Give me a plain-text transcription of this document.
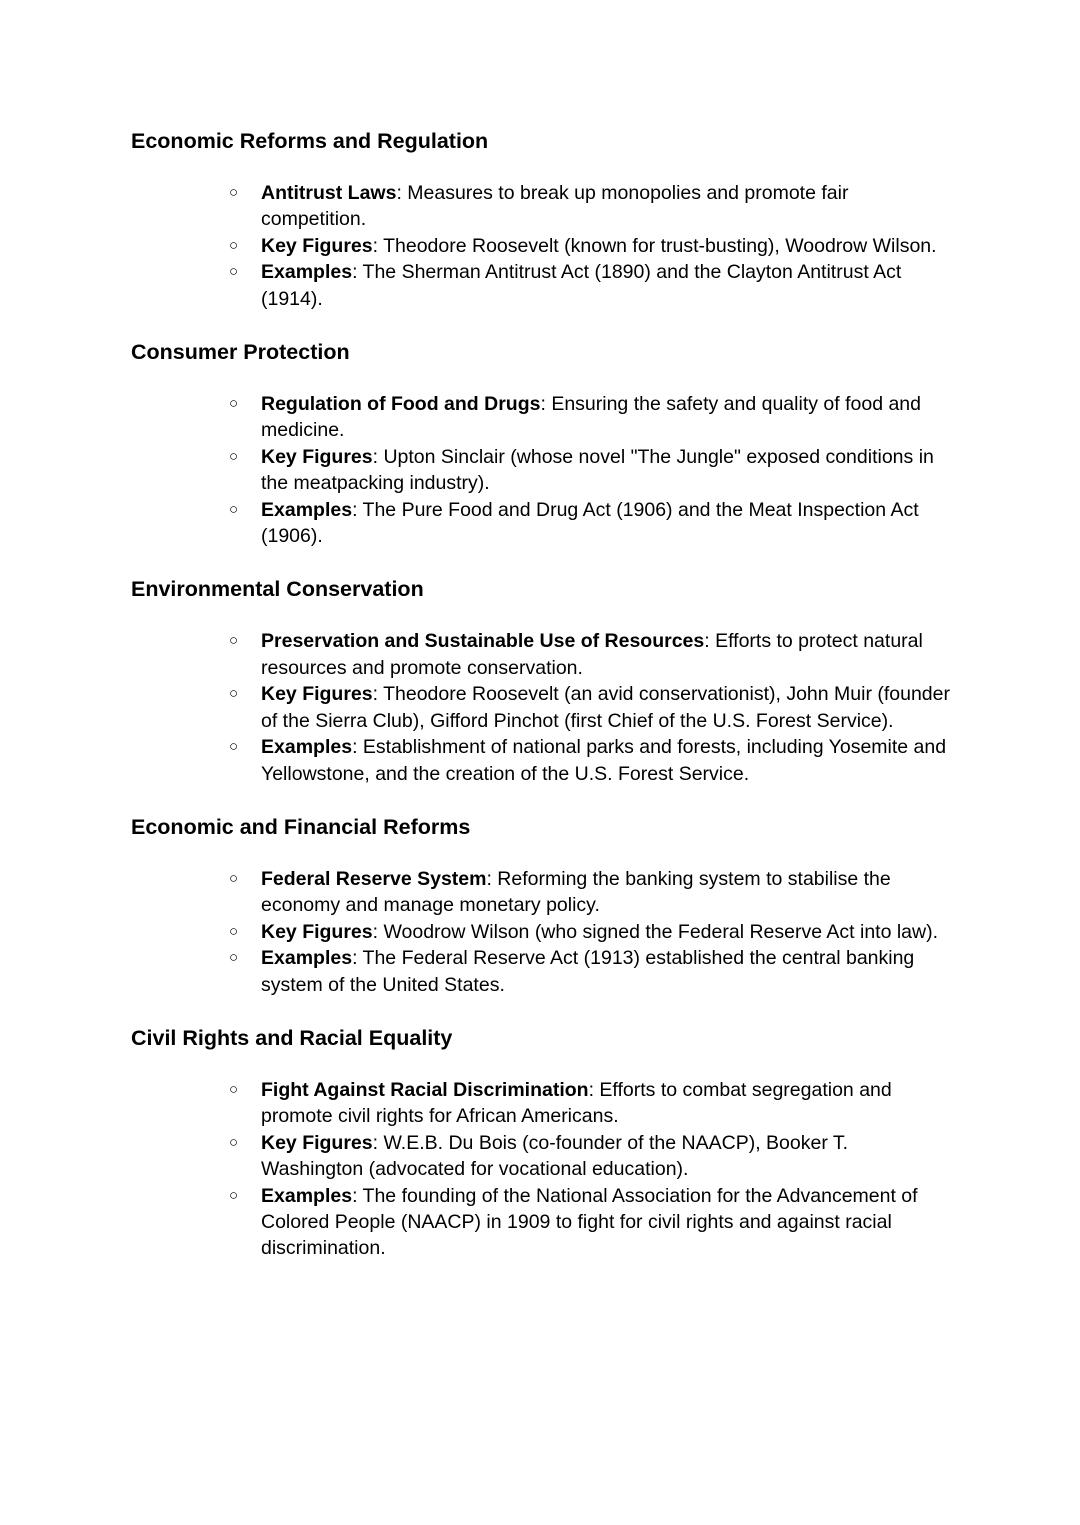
Economic Reforms and Regulation
○ Antitrust Laws: Measures to break up monopolies and promote fair competition.
○ Key Figures: Theodore Roosevelt (known for trust-busting), Woodrow Wilson.
○ Examples: The Sherman Antitrust Act (1890) and the Clayton Antitrust Act (1914).
Consumer Protection
○ Regulation of Food and Drugs: Ensuring the safety and quality of food and medicine.
○ Key Figures: Upton Sinclair (whose novel "The Jungle" exposed conditions in the meatpacking industry).
○ Examples: The Pure Food and Drug Act (1906) and the Meat Inspection Act (1906).
Environmental Conservation
○ Preservation and Sustainable Use of Resources: Efforts to protect natural resources and promote conservation.
○ Key Figures: Theodore Roosevelt (an avid conservationist), John Muir (founder of the Sierra Club), Gifford Pinchot (first Chief of the U.S. Forest Service).
○ Examples: Establishment of national parks and forests, including Yosemite and Yellowstone, and the creation of the U.S. Forest Service.
Economic and Financial Reforms
○ Federal Reserve System: Reforming the banking system to stabilise the economy and manage monetary policy.
○ Key Figures: Woodrow Wilson (who signed the Federal Reserve Act into law).
○ Examples: The Federal Reserve Act (1913) established the central banking system of the United States.
Civil Rights and Racial Equality
○ Fight Against Racial Discrimination: Efforts to combat segregation and promote civil rights for African Americans.
○ Key Figures: W.E.B. Du Bois (co-founder of the NAACP), Booker T. Washington (advocated for vocational education).
○ Examples: The founding of the National Association for the Advancement of Colored People (NAACP) in 1909 to fight for civil rights and against racial discrimination.
